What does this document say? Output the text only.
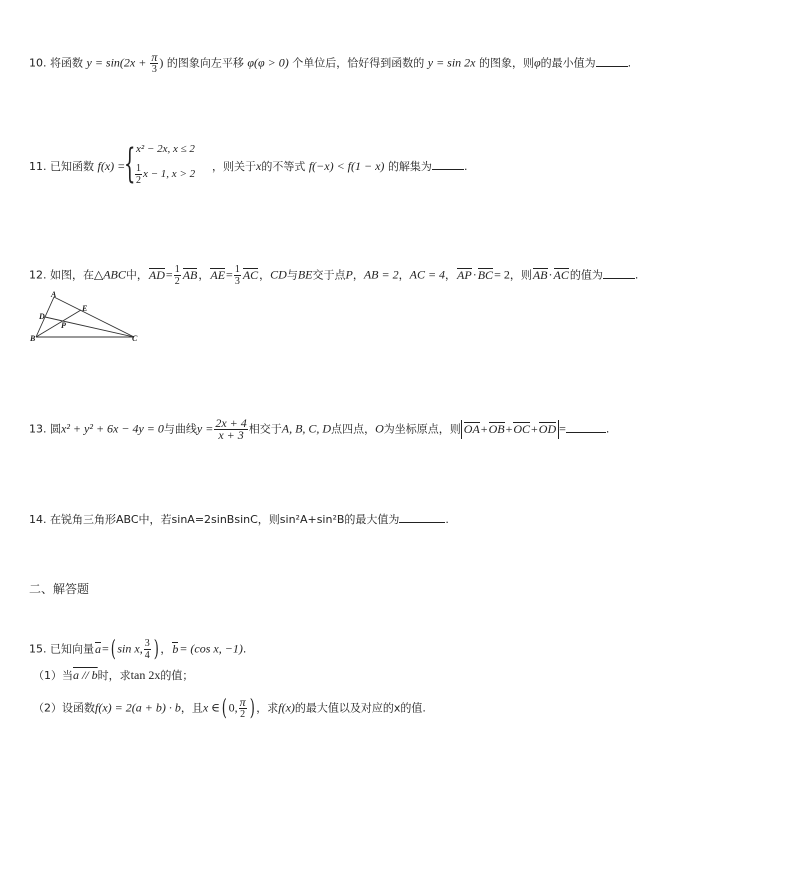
10. 将函数 $y = \sin(2x + \frac{\pi}{3}$ ) 的图象向左平移 φ(φ > 0) 个单位后，恰好得到函数的 y = sin 2x 的图象，则φ的最小值为	.
11. 已知函数 f(x) =
{ x² − 2x, x ≤ 2
$\frac{1}{2}$ x − 1, x > 2
，则关于x的不等式 f(−x) < f(1 − x) 的解集为	.
12. 如图，在△ABC中，$AD= \frac{1}{2}$ AB，$AE= \frac{1}{3}$ AC，CD与BE交于点P，AB = 2，AC = 4，AP·BC= 2，则AB·AC的值为	.
A
B	C
D
E
P
13. 圆x² + y² + 6x − 4y = 0与曲线$y = \frac{2x + 4}{x + 3}$ 相交于A, B, C, D点四点，O为坐标原点，则 OA+OB+OC+OD =	.
14. 在锐角三角形ABC中，若sinA=2sinBsinC，则sin²A+sin²B的最大值为	.
二、解答题
15. 已知向量a=( sin x, $\frac{3}{4}$ ) ，b= (cos x, −1).
（1）当a // b时，求tan 2x的值；
（2）设函数f(x) = 2(a + b) · b，且x ∈( 0, $\frac{\pi}{2}$ ) ，求f(x)的最大值以及对应的x的值.
